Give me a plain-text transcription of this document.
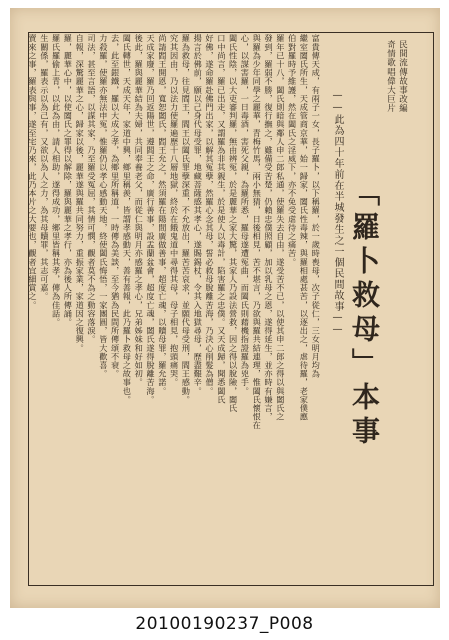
民間流傳故事改編
奇情歌唱偉大巨片
「羅卜救母」本事
——此為四十年前在半城發生之一個民間故事——
富貴傳天成，有兩子一女，長子羅卜，以下稱羅，於一歲時喪母，次子從仁，三女明月均為
繼室闔氏所生，天成管商京華，始一歸家，闔氏性毒辣，與羅相處甚苦，以逐出之，虐待羅，老家僕應
伯對羅時予維護，然在闔氏之淫威下，亦不免受虐待之痛苦。
羅年已十八，闔氏則暗與鄰人申二郎私通，使羅失去自由，遂受苦不已，以使其申二郎之得以與闔氏之
發到，羅弱不勝，復行撫之，雖備受苦楚，仍賴忠僕照顧，加以乳母之恩，遂得延生，並亦時有嫌言，
與羅為少年同學之麗華，青梅竹馬，兩小無猜，日後相見，苦不堪言，乃欲與羅共結連理，惟闔氏懷恨在
心，以謀害羅，一日毒酒，害死父親，為羅所悉，羅母遂遭冤曲，而闔氏則藉機指證羅為兇手。
闔氏性陰，以大吏審判羅，無由辨冤，於是麗華之家大驚，其家人乃設法營救，因之得以脫險，闔氏
口中尚言，羅已出走，又謂羅為非其親生，於是使人以毒計，陷害羅之忠僕。又天成歸，聞悉闔氏
好佛，遂命羅赴佛門出家，以解其冤孽，然羅心念其母，誓必救母脫離苦海，乃決心削髮為僧。
揚言於佛前，願以己身代母受罪，地藏菩薩感其孝心，遂賜錫杖，令其入地獄尋母，歷盡艱辛。
羅為救母，往見閻王，閻王以闔氏罪孽深重，不允放出，羅苦苦哀求，並願代母受刑，閻王感動。
究其因由，乃以法力使羅遍歷十八層地獄，終於在餓鬼道中尋得其母，母子相見，抱頭痛哭。
尚請閻王開恩，寬恕闔氏，閻王允之，然須羅在陽間廣做善事，超度亡魂，以贖母罪，羅允諾。
天成家廢，羅乃回返陽世，遵閻王之命，廣行善事，設盂蘭盆會，超度亡魂，闔氏遂得脫離苦海。
後此，羅與麗華結為夫婦，共同奉養老父，而從仁與明月亦感羅之孝心，兄弟姊妹和好如初。
闔氏轉世，天成天年，家道中興，鄉里稱羨，皆謂孝感動天，善有善報，此乃羅卜救母之故事也。
去，此至銀鐵，羅以大成之孝，為鄉里所稱道，一時傳為美談，至今猶為民間所傳頌不衰。
力殺羅，使羅亦無法申冤，惟羅仍以孝心感動天地，終使闔氏悔悟，一家團圓，皆大歡喜。
司法，甚至言語，以謀其家，乃至羅受冤屈，其情可憫，觀者莫不為之動容落淚。
自報，深驚麗華之心，歸家以後，麗華遂與羅共同努力，重振家業，家道因之復興。
羅，麗華心中，以使闔氏之罪得以解除，羅與麗華之孝行，亦為後人所傳誦。
羅氏羅偷上青，以此為由，請人相助，遂得成功，鄉里皆稱其孝，傳為佳話。
生關係，羅表示以為己有，又欲以為人之力，為其母贖罪，其志可嘉。
賣來之事，羅表與事，遂至宅乃來，此乃本片之大要也，觀者宜細賞之。
20100190237_P008
